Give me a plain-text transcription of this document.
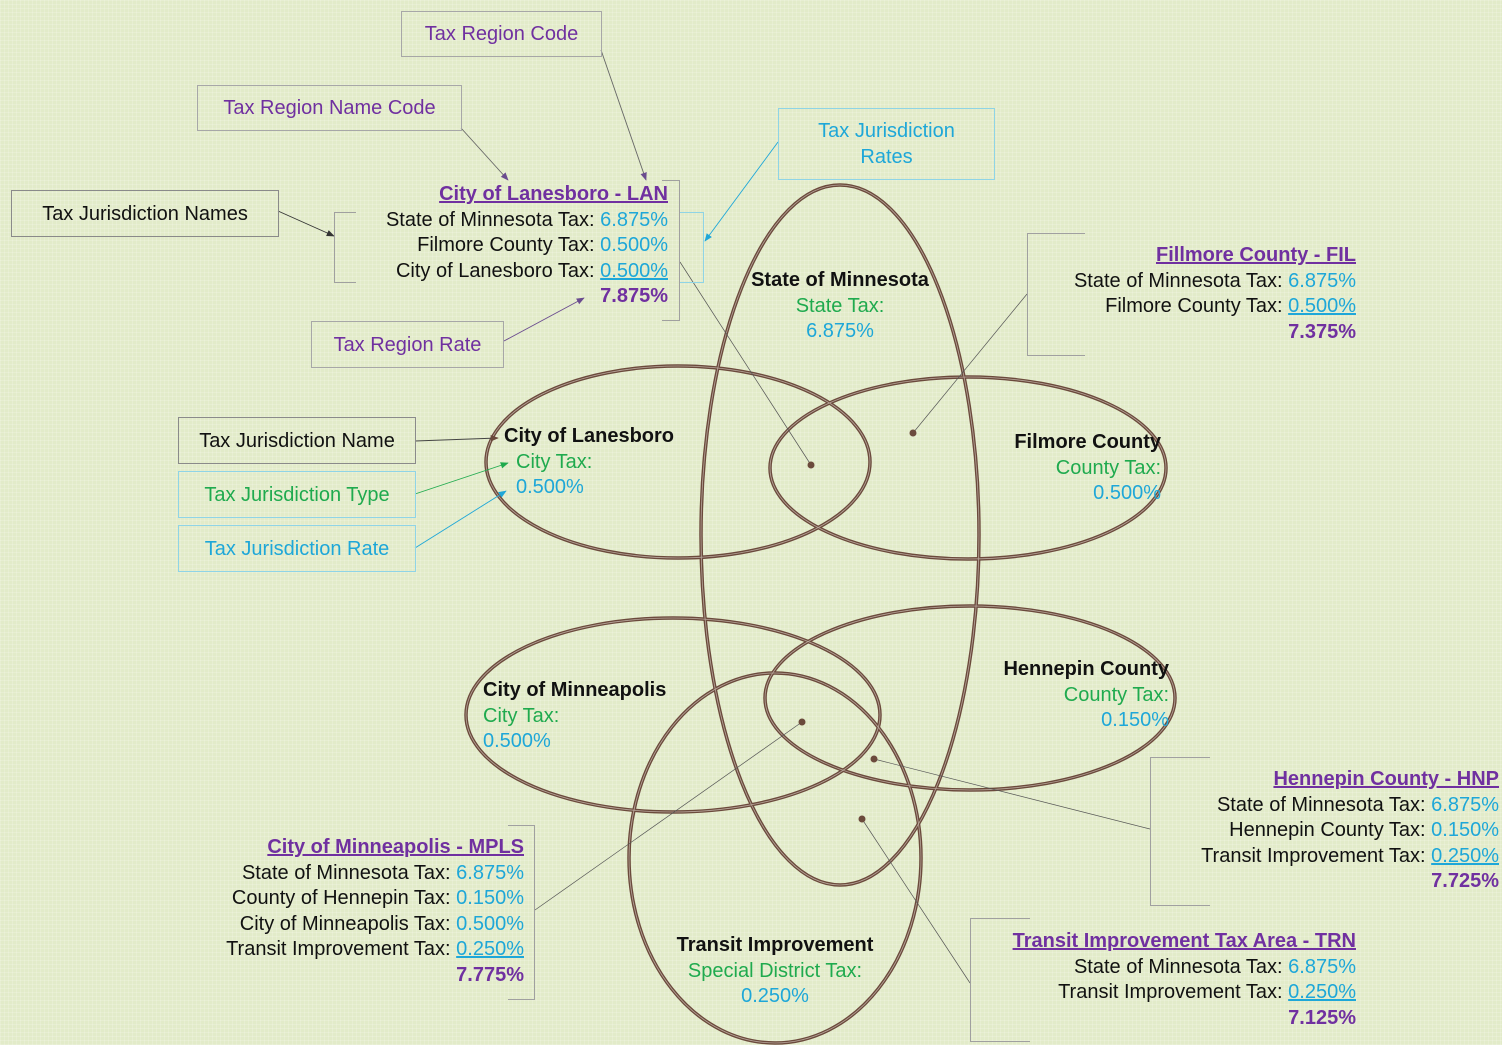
Tax Region Code
Tax Region Name Code
Tax Jurisdiction
Rates
Tax Jurisdiction Names
Tax Region Rate
Tax Jurisdiction Name
Tax Jurisdiction Type
Tax Jurisdiction Rate
City of Lanesboro - LAN
State of Minnesota Tax: 6.875%
Filmore County Tax: 0.500%
City of Lanesboro Tax: 0.500%
7.875%
Fillmore County - FIL
State of Minnesota Tax: 6.875%
Filmore County Tax: 0.500%
7.375%
Hennepin County - HNP
State of Minnesota Tax: 6.875%
Hennepin County Tax: 0.150%
Transit Improvement Tax: 0.250%
7.725%
City of Minneapolis - MPLS
State of Minnesota Tax: 6.875%
County of Hennepin Tax: 0.150%
City of Minneapolis Tax: 0.500%
Transit Improvement Tax: 0.250%
7.775%
Transit Improvement Tax Area - TRN
State of Minnesota Tax: 6.875%
Transit Improvement Tax: 0.250%
7.125%
State of Minnesota
State Tax:
6.875%
City of Lanesboro
City Tax:
0.500%
Filmore County
County Tax:
0.500%
City of Minneapolis
City Tax:
0.500%
Hennepin County
County Tax:
0.150%
Transit Improvement
Special District Tax:
0.250%
